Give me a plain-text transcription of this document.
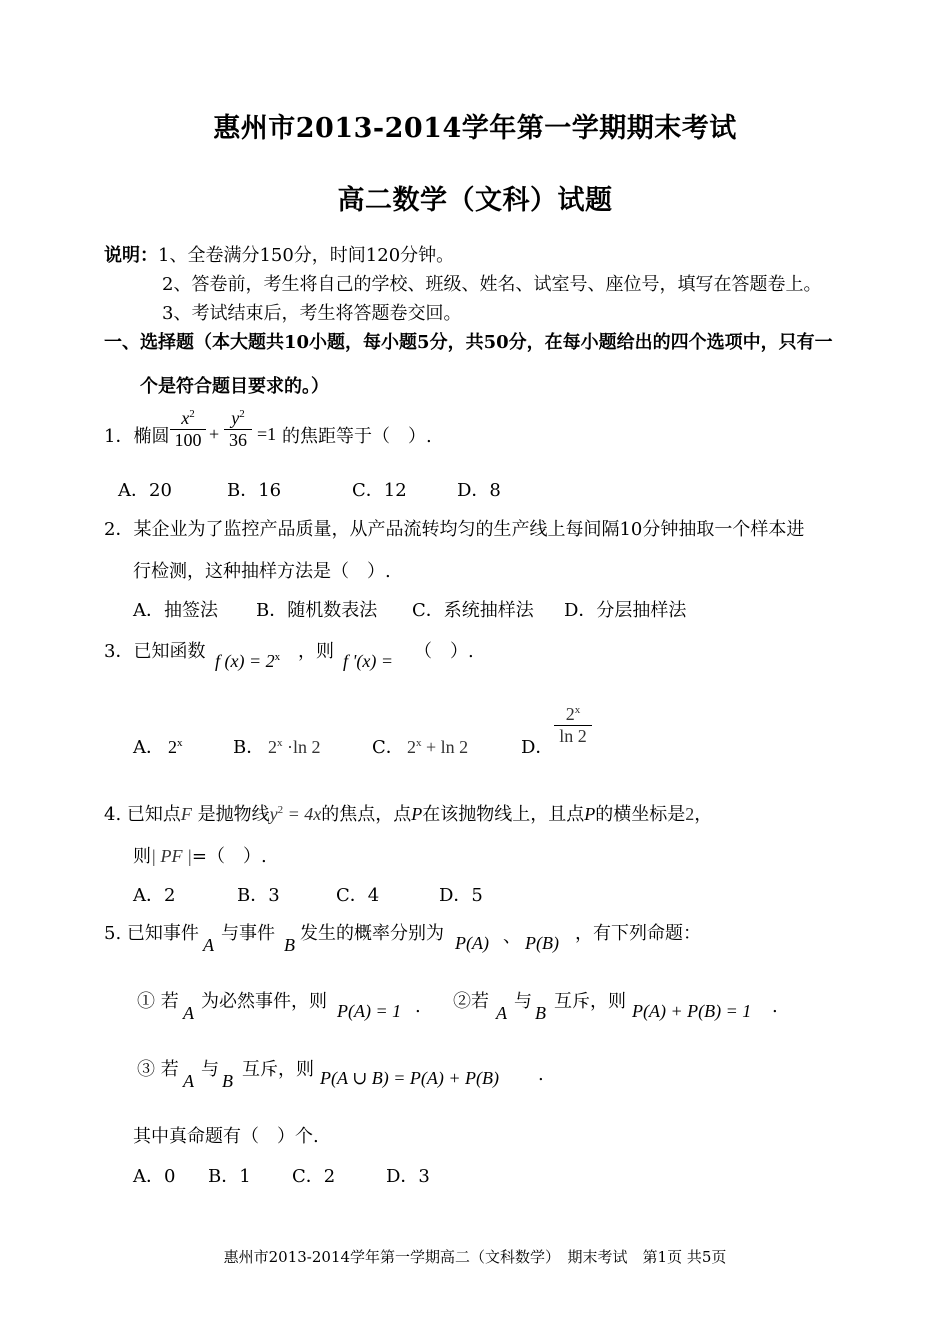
惠州市2013-2014学年第一学期期末考试
高二数学（文科）试题
说明：1、全卷满分150分，时间120分钟。
2、答卷前，考生将自己的学校、班级、姓名、试室号、座位号，填写在答题卷上。
3、考试结束后，考生将答题卷交回。
一、选择题（本大题共10小题，每小题5分，共50分，在每小题给出的四个选项中，只有一
个是符合题目要求的。）
1．椭圆 $\frac{x^2}{100} + \frac{y^2}{36} =1$ 的焦距等于（　）.
A．20	B．16	C．12	D．8
2．某企业为了监控产品质量，从产品流转均匀的生产线上每间隔10分钟抽取一个样本进
行检测，这种抽样方法是（　）.
A．抽签法 B．随机数表法 C．系统抽样法 D．分层抽样法
3．已知函数 f $(x) = 2^x$ ，则 f '(x) = （　）.
A． 2$^x$	B． $2^x \cdot\ln$ 2	C． $2^x + \ln 2$	D．
$\frac{2^x}{\ln 2}$
4. 已知点F 是抛物线$y^2 = 4x$的焦点，点P在该抛物线上，且点P的横坐标是2，
则| PF |=（　）.
A．2	B．3	C．4	D．5
5. 已知事件
A
与事件
B
发生的概率分别为 P(A) 、 P(B) ，有下列命题：
① 若
A
为必然事件，则 P(A) = 1 . ②若
A
与
B
互斥，则 P(A) + P(B) = 1 .
③ 若
A
与
B
互斥，则 P(A ∪ B) = P(A) + P(B) .
其中真命题有（　）个.
A．0 B．1 C．2	D．3
惠州市2013-2014学年第一学期高二（文科数学）　期末考试　第1页 共5页
